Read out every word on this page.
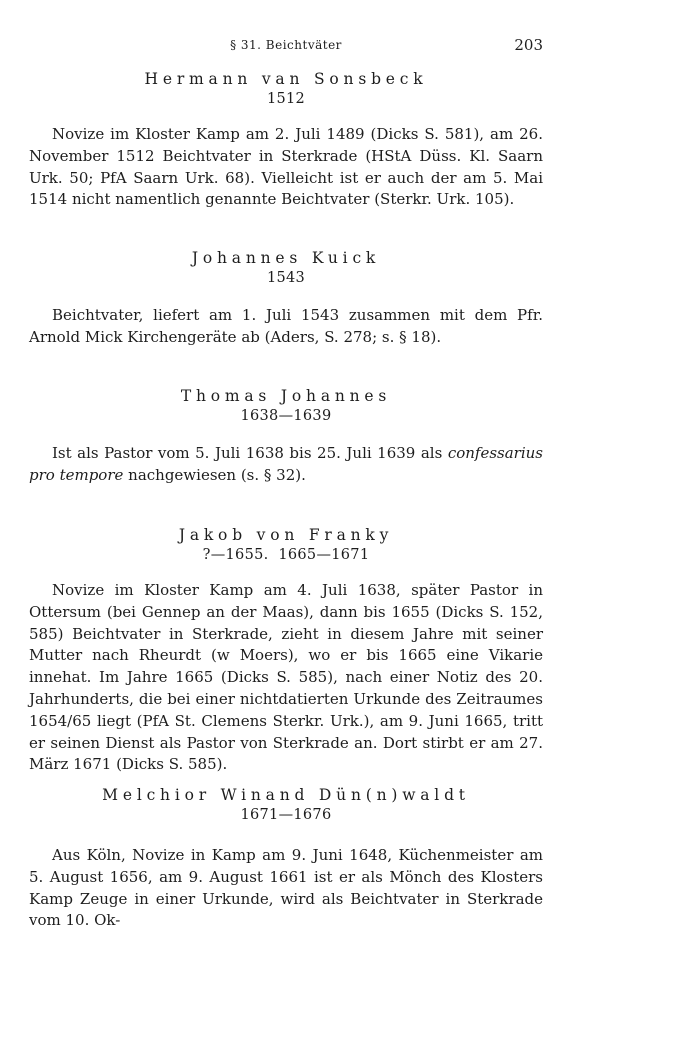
§ 31. Beichtväter	203
Hermann van Sonsbeck
1512

Novize im Kloster Kamp am 2. Juli 1489 (Dicks S. 581), am 26. November 1512 Beichtvater in Sterkrade (HStA Düss. Kl. Saarn Urk. 50; PfA Saarn Urk. 68). Vielleicht ist er auch der am 5. Mai 1514 nicht namentlich genannte Beichtvater (Sterkr. Urk. 105).

Johannes Kuick
1543

Beichtvater, liefert am 1. Juli 1543 zusammen mit dem Pfr. Arnold Mick Kirchengeräte ab (Aders, S. 278; s. § 18).

Thomas Johannes
1638—1639

Ist als Pastor vom 5. Juli 1638 bis 25. Juli 1639 als confessarius pro tempore nachgewiesen (s. § 32).

Jakob von Franky
?—1655.  1665—1671

Novize im Kloster Kamp am 4. Juli 1638, später Pastor in Ottersum (bei Gennep an der Maas), dann bis 1655 (Dicks S. 152, 585) Beichtvater in Sterkrade, zieht in diesem Jahre mit seiner Mutter nach Rheurdt (w Moers), wo er bis 1665 eine Vikarie innehat. Im Jahre 1665 (Dicks S. 585), nach einer Notiz des 20. Jahrhunderts, die bei einer nichtdatierten Urkunde des Zeitraumes 1654/65 liegt (PfA St. Clemens Sterkr. Urk.), am 9. Juni 1665, tritt er seinen Dienst als Pastor von Sterkrade an. Dort stirbt er am 27. März 1671 (Dicks S. 585).

Melchior Winand Dün(n)waldt
1671—1676

Aus Köln, Novize in Kamp am 9. Juni 1648, Küchenmeister am 5. August 1656, am 9. August 1661 ist er als Mönch des Klosters Kamp Zeuge in einer Urkunde, wird als Beichtvater in Sterkrade vom 10. Ok-
